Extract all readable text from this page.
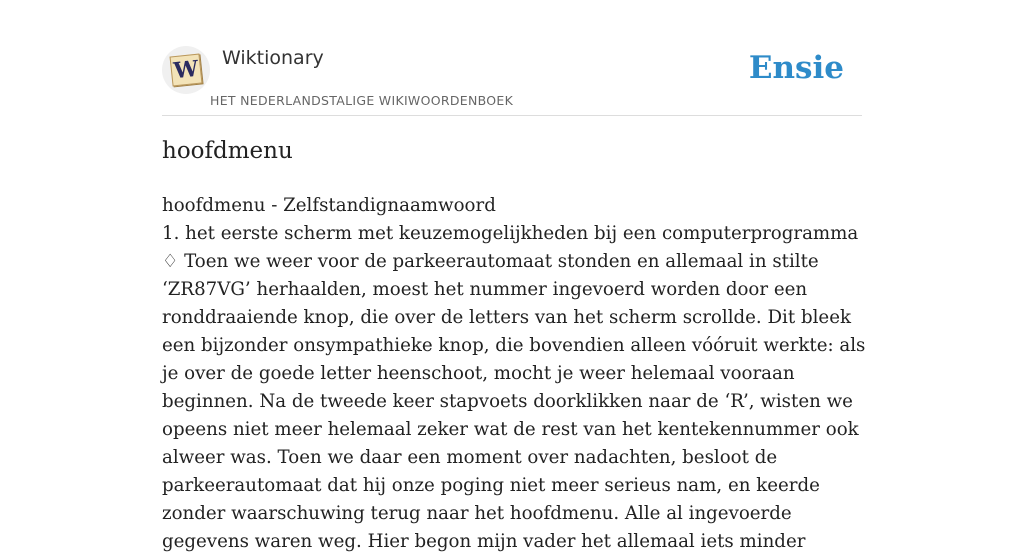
W Wiktionary
HET NEDERLANDSTALIGE WIKIWOORDENBOEK
Ensie
hoofdmenu

hoofdmenu - Zelfstandignaamwoord

1. het eerste scherm met keuzemogelijkheden bij een computerprogramma

♢ Toen we weer voor de parkeerautomaat stonden en allemaal in stilte ‘ZR87VG’ herhaalden, moest het nummer ingevoerd worden door een ronddraaiende knop, die over de letters van het scherm scrollde. Dit bleek een bijzonder onsympathieke knop, die bovendien alleen vóóruit werkte: als je over de goede letter heenschoot, mocht je weer helemaal vooraan beginnen. Na de tweede keer stapvoets doorklikken naar de ‘R’, wisten we opeens niet meer helemaal zeker wat de rest van het kentekennummer ook alweer was. Toen we daar een moment over nadachten, besloot de parkeerautomaat dat hij onze poging niet meer serieus nam, en keerde zonder waarschuwing terug naar het hoofdmenu. Alle al ingevoerde gegevens waren weg. Hier begon mijn vader het allemaal iets minder
